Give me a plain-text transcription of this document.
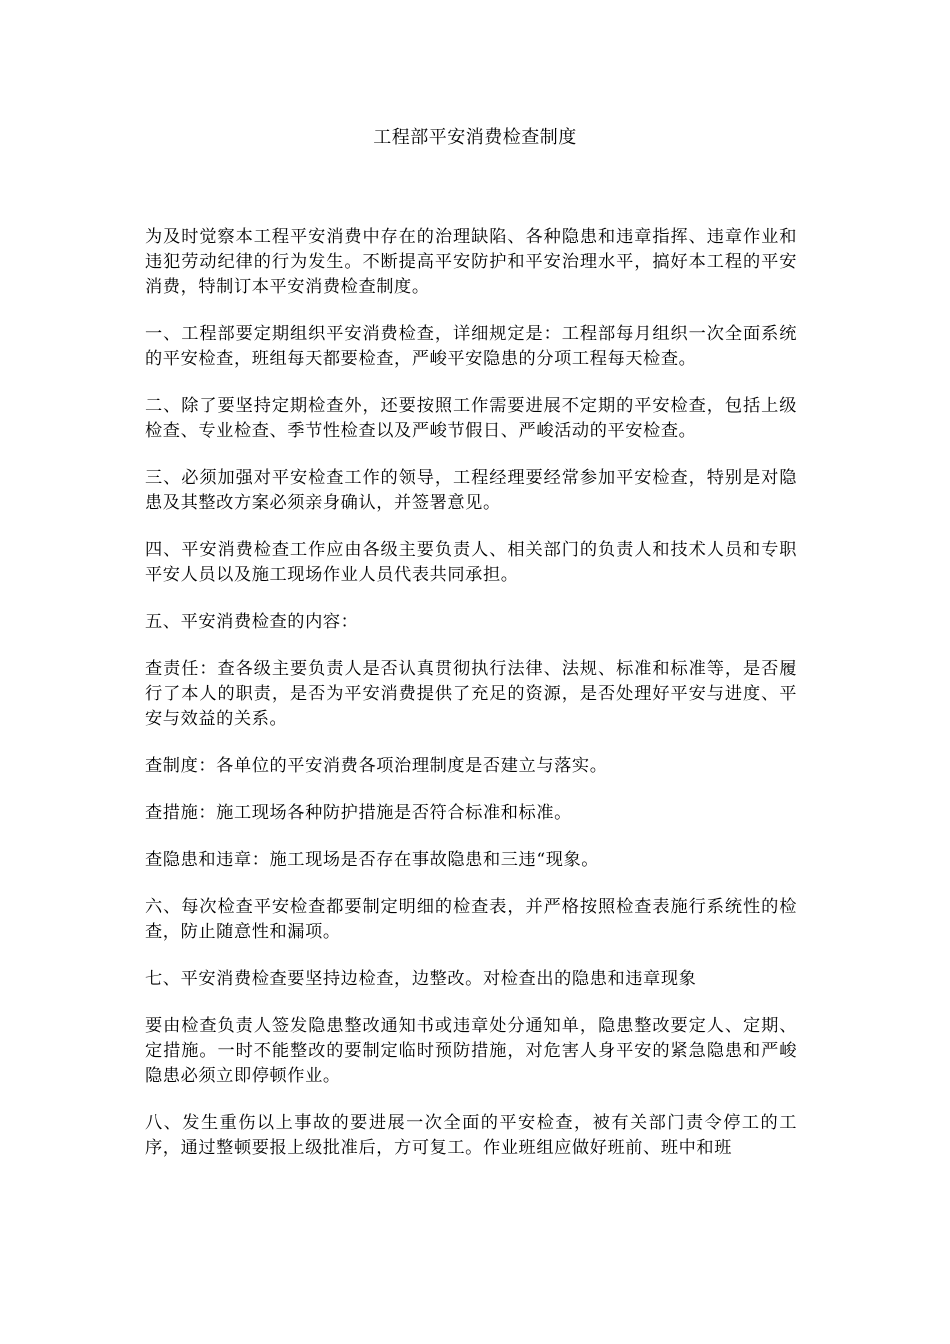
工程部平安消费检查制度

为及时觉察本工程平安消费中存在的治理缺陷、各种隐患和违章指挥、违章作业和违犯劳动纪律的行为发生。不断提高平安防护和平安治理水平，搞好本工程的平安消费，特制订本平安消费检查制度。

一、工程部要定期组织平安消费检查，详细规定是：工程部每月组织一次全面系统的平安检查，班组每天都要检查，严峻平安隐患的分项工程每天检查。

二、除了要坚持定期检查外，还要按照工作需要进展不定期的平安检查，包括上级检查、专业检查、季节性检查以及严峻节假日、严峻活动的平安检查。

三、必须加强对平安检查工作的领导，工程经理要经常参加平安检查，特别是对隐患及其整改方案必须亲身确认，并签署意见。

四、平安消费检查工作应由各级主要负责人、相关部门的负责人和技术人员和专职平安人员以及施工现场作业人员代表共同承担。

五、平安消费检查的内容：

查责任：查各级主要负责人是否认真贯彻执行法律、法规、标准和标准等，是否履行了本人的职责，是否为平安消费提供了充足的资源，是否处理好平安与进度、平安与效益的关系。

查制度：各单位的平安消费各项治理制度是否建立与落实。

查措施：施工现场各种防护措施是否符合标准和标准。

查隐患和违章：施工现场是否存在事故隐患和三违“现象。

六、每次检查平安检查都要制定明细的检查表，并严格按照检查表施行系统性的检查，防止随意性和漏项。

七、平安消费检查要坚持边检查，边整改。对检查出的隐患和违章现象

要由检查负责人签发隐患整改通知书或违章处分通知单，隐患整改要定人、定期、定措施。一时不能整改的要制定临时预防措施，对危害人身平安的紧急隐患和严峻隐患必须立即停顿作业。

八、发生重伤以上事故的要进展一次全面的平安检查，被有关部门责令停工的工序，通过整顿要报上级批准后，方可复工。作业班组应做好班前、班中和班
